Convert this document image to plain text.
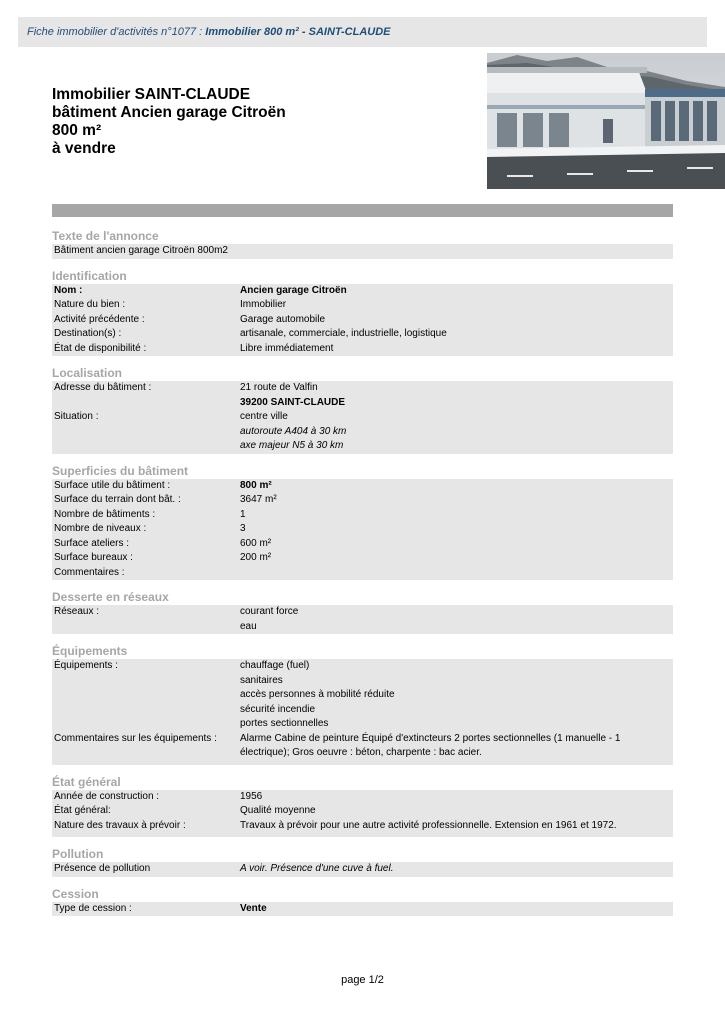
Fiche immobilier d'activités n°1077 : Immobilier 800 m² - SAINT-CLAUDE
Immobilier SAINT-CLAUDE
bâtiment Ancien garage Citroën
800 m²
à vendre
Texte de l'annonce
Bâtiment ancien garage Citroën 800m2
Identification
Nom :	Ancien garage Citroën
Nature du bien :	Immobilier
Activité précédente :	Garage automobile
Destination(s) :	artisanale, commerciale, industrielle, logistique
État de disponibilité :	Libre immédiatement
Localisation
Adresse du bâtiment :	21 route de Valfin
39200 SAINT-CLAUDE
Situation :	centre ville
autoroute A404 à 30 km
axe majeur N5 à 30 km
Superficies du bâtiment
Surface utile du bâtiment :	800 m²
Surface du terrain dont bât. :	3647 m²
Nombre de bâtiments :	1
Nombre de niveaux :	3
Surface ateliers :	600 m²
Surface bureaux :	200 m²
Commentaires :
Desserte en réseaux
Réseaux :	courant force
eau
Équipements
Équipements :	chauffage (fuel)
sanitaires
accès personnes à mobilité réduite
sécurité incendie
portes sectionnelles
Commentaires sur les équipements :	Alarme Cabine de peinture Équipé d'extincteurs 2 portes sectionnelles (1 manuelle - 1
électrique); Gros oeuvre : béton, charpente : bac acier.
État général
Année de construction :	1956
État général:	Qualité moyenne
Nature des travaux à prévoir :	Travaux à prévoir pour une autre activité professionnelle. Extension en 1961 et 1972.
Pollution
Présence de pollution	A voir. Présence d'une cuve à fuel.
Cession
Type de cession :	Vente
page 1/2
